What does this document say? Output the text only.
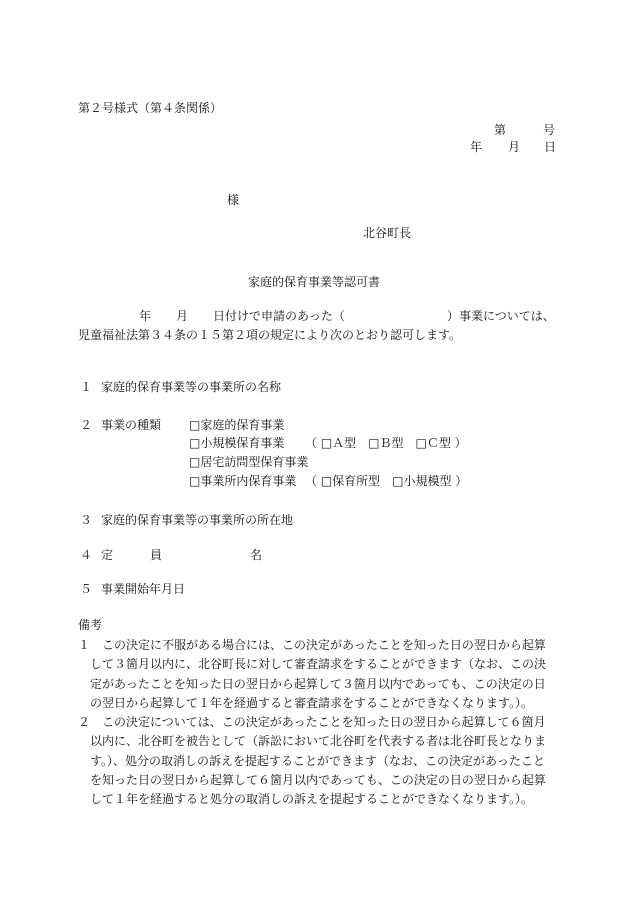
第２号様式（第４条関係）
第	号
年 月 日
様
北谷町長
家庭的保育事業等認可書
年 月 日付けで申請のあった（	）事業については、
児童福祉法第３４条の１５第２項の規定により次のとおり認可します。
１ 家庭的保育事業等の事業所の名称
２ 事業の種類 □家庭的保育事業
□小規模保育事業 （ □Ａ型　□Ｂ型　□Ｃ型 ）
□居宅訪問型保育事業
□事業所内保育事業 （ □保育所型　□小規模型 ）
３ 家庭的保育事業等の事業所の所在地
４ 定	員	名
５ 事業開始年月日
備考
１ この決定に不服がある場合には、この決定があったことを知った日の翌日から起算して３箇月以内に、北谷町長に対して審査請求をすることができます（なお、この決定があったことを知った日の翌日から起算して３箇月以内であっても、この決定の日の翌日から起算して１年を経過すると審査請求をすることができなくなります。）。
２ この決定については、この決定があったことを知った日の翌日から起算して６箇月以内に、北谷町を被告として（訴訟において北谷町を代表する者は北谷町長となります。）、処分の取消しの訴えを提起することができます（なお、この決定があったことを知った日の翌日から起算して６箇月以内であっても、この決定の日の翌日から起算して１年を経過すると処分の取消しの訴えを提起することができなくなります。）。
